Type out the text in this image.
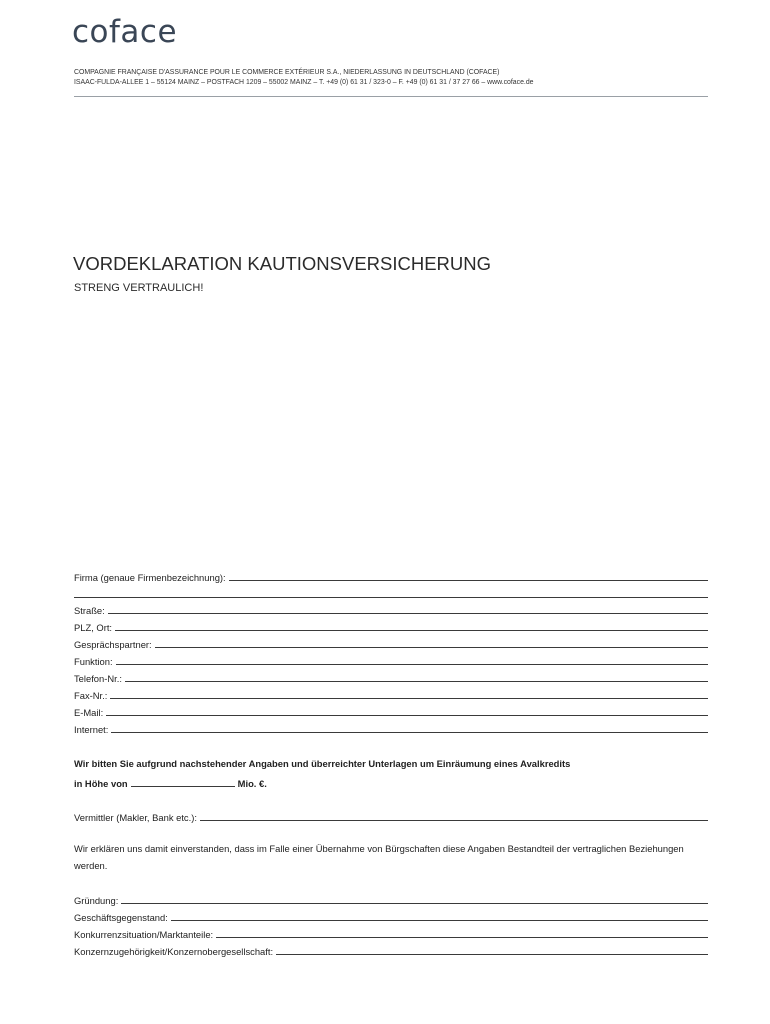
coface
COMPAGNIE FRANÇAISE D'ASSURANCE POUR LE COMMERCE EXTÉRIEUR S.A., NIEDERLASSUNG IN DEUTSCHLAND (COFACE)
ISAAC-FULDA-ALLEE 1 – 55124 MAINZ – POSTFACH 1209 – 55002 MAINZ – T. +49 (0) 61 31 / 323-0 – F. +49 (0) 61 31 / 37 27 66 – www.coface.de
VORDEKLARATION KAUTIONSVERSICHERUNG
STRENG VERTRAULICH!
Firma (genaue Firmenbezeichnung):
Straße:
PLZ, Ort:
Gesprächspartner:
Funktion:
Telefon-Nr.:
Fax-Nr.:
E-Mail:
Internet:
Wir bitten Sie aufgrund nachstehender Angaben und überreichter Unterlagen um Einräumung eines Avalkredits
in Höhe von	Mio. €.
Vermittler (Makler, Bank etc.):
Wir erklären uns damit einverstanden, dass im Falle einer Übernahme von Bürgschaften diese Angaben Bestandteil der vertraglichen Beziehungen werden.
Gründung:
Geschäftsgegenstand:
Konkurrenzsituation/Marktanteile:
Konzernzugehörigkeit/Konzernobergesellschaft:
